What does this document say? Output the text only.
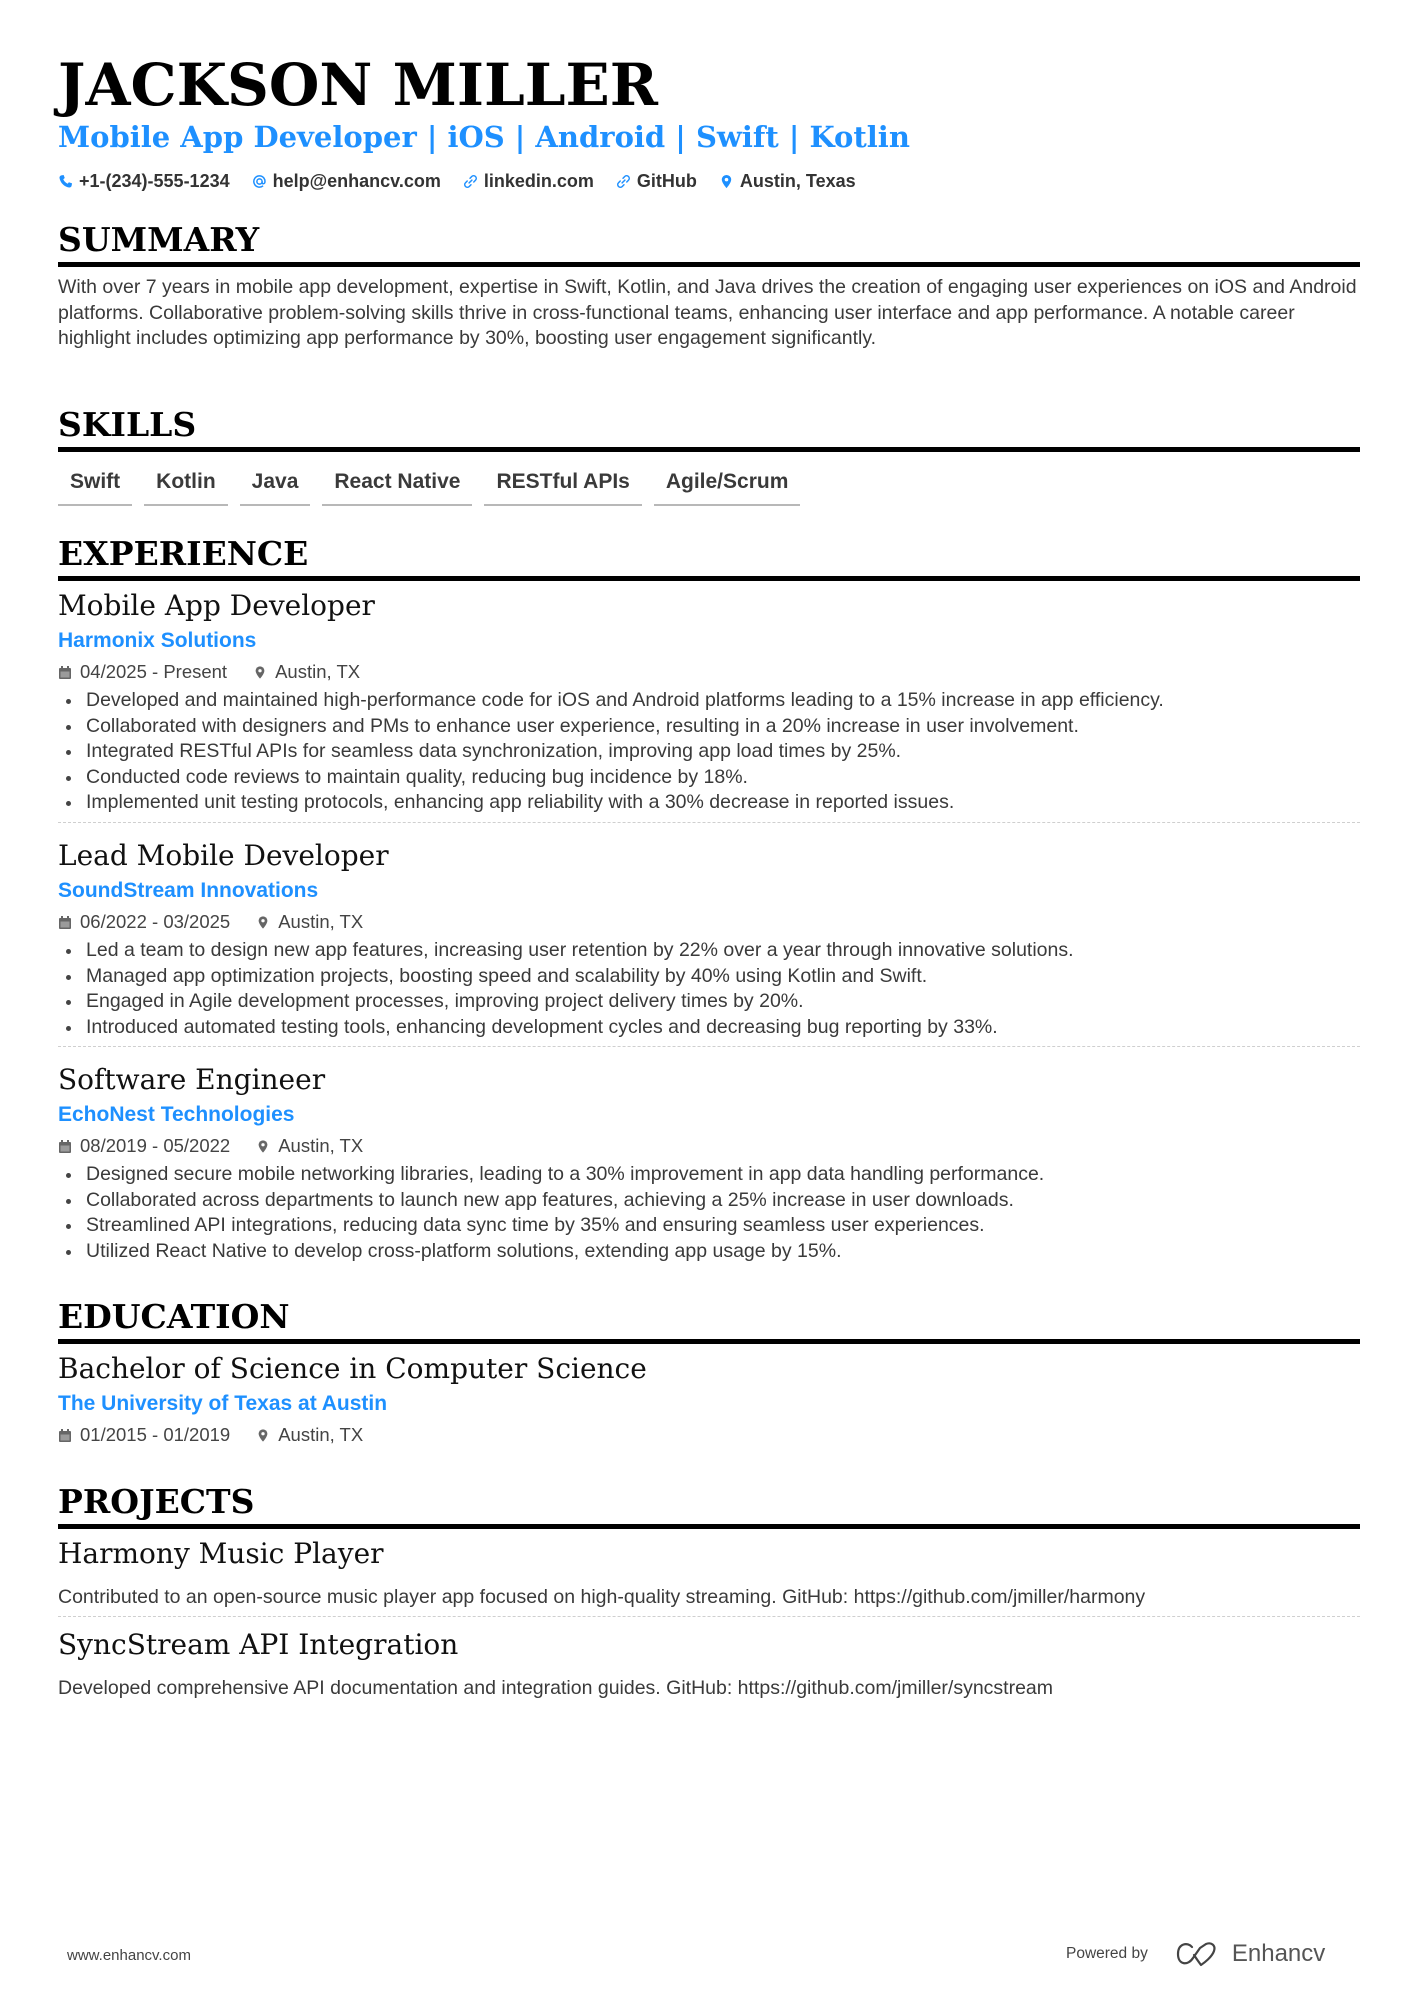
JACKSON MILLER
Mobile App Developer | iOS | Android | Swift | Kotlin
+1-(234)-555-1234 help@enhancv.com linkedin.com GitHub Austin, Texas
SUMMARY
With over 7 years in mobile app development, expertise in Swift, Kotlin, and Java drives the creation of engaging user experiences on iOS and Android platforms. Collaborative problem-solving skills thrive in cross-functional teams, enhancing user interface and app performance. A notable career highlight includes optimizing app performance by 30%, boosting user engagement significantly.
SKILLS
Swift	Kotlin	Java	React Native	RESTful APIs	Agile/Scrum
EXPERIENCE
Mobile App Developer
Harmonix Solutions
04/2025 - Present	Austin, TX
Developed and maintained high-performance code for iOS and Android platforms leading to a 15% increase in app efficiency.
Collaborated with designers and PMs to enhance user experience, resulting in a 20% increase in user involvement.
Integrated RESTful APIs for seamless data synchronization, improving app load times by 25%.
Conducted code reviews to maintain quality, reducing bug incidence by 18%.
Implemented unit testing protocols, enhancing app reliability with a 30% decrease in reported issues.
Lead Mobile Developer
SoundStream Innovations
06/2022 - 03/2025	Austin, TX
Led a team to design new app features, increasing user retention by 22% over a year through innovative solutions.
Managed app optimization projects, boosting speed and scalability by 40% using Kotlin and Swift.
Engaged in Agile development processes, improving project delivery times by 20%.
Introduced automated testing tools, enhancing development cycles and decreasing bug reporting by 33%.
Software Engineer
EchoNest Technologies
08/2019 - 05/2022	Austin, TX
Designed secure mobile networking libraries, leading to a 30% improvement in app data handling performance.
Collaborated across departments to launch new app features, achieving a 25% increase in user downloads.
Streamlined API integrations, reducing data sync time by 35% and ensuring seamless user experiences.
Utilized React Native to develop cross-platform solutions, extending app usage by 15%.
EDUCATION
Bachelor of Science in Computer Science
The University of Texas at Austin
01/2015 - 01/2019	Austin, TX
PROJECTS
Harmony Music Player
Contributed to an open-source music player app focused on high-quality streaming. GitHub: https://github.com/jmiller/harmony
SyncStream API Integration
Developed comprehensive API documentation and integration guides. GitHub: https://github.com/jmiller/syncstream
www.enhancv.com	Powered by	Enhancv
